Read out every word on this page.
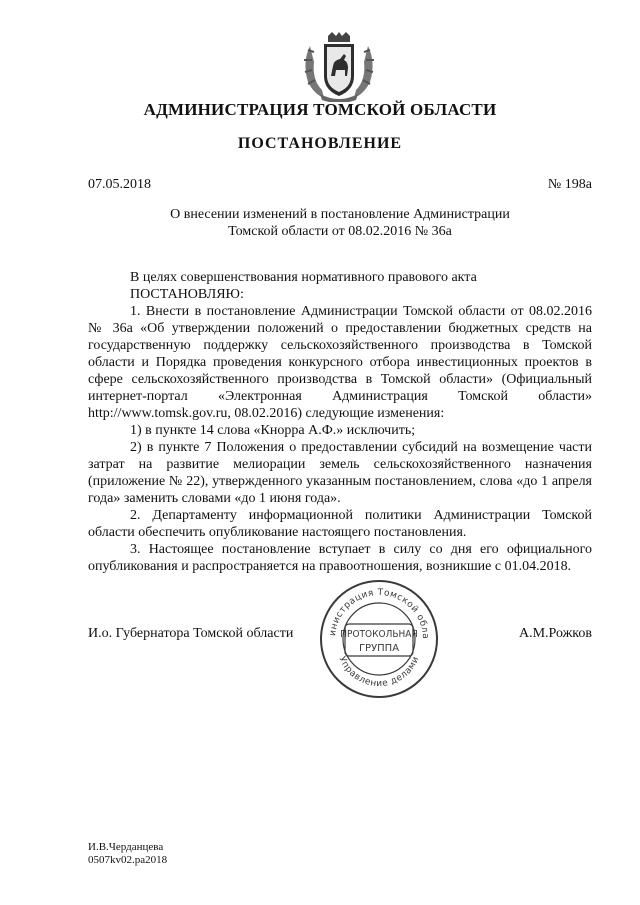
АДМИНИСТРАЦИЯ ТОМСКОЙ ОБЛАСТИ
ПОСТАНОВЛЕНИЕ
07.05.2018	№ 198а
О внесении изменений в постановление Администрации
Томской области от 08.02.2016 № 36а

В целях совершенствования нормативного правового акта

ПОСТАНОВЛЯЮ:

1. Внести в постановление Администрации Томской области от 08.02.2016 № 36а «Об утверждении положений о предоставлении бюджетных средств на государственную поддержку сельскохозяйственного производства в Томской области и Порядка проведения конкурсного отбора инвестиционных проектов в сфере сельскохозяйственного производства в Томской области» (Официальный интернет-портал «Электронная Администрация Томской области» http://www.tomsk.gov.ru, 08.02.2016) следующие изменения:

1) в пункте 14 слова «Кнорра А.Ф.» исключить;

2) в пункте 7 Положения о предоставлении субсидий на возмещение части затрат на развитие мелиорации земель сельскохозяйственного назначения (приложение № 22), утвержденного указанным постановлением, слова «до 1 апреля года» заменить словами «до 1 июня года».

2. Департаменту информационной политики Администрации Томской области обеспечить опубликование настоящего постановления.

3. Настоящее постановление вступает в силу со дня его официального опубликования и распространяется на правоотношения, возникшие с 01.04.2018.

И.о. Губернатора Томской области	А.М.Рожков
инистрация Томской обла
Управление делами
ПРОТОКОЛЬНАЯ
ГРУППА
И.В.Черданцева
0507kv02.pa2018
